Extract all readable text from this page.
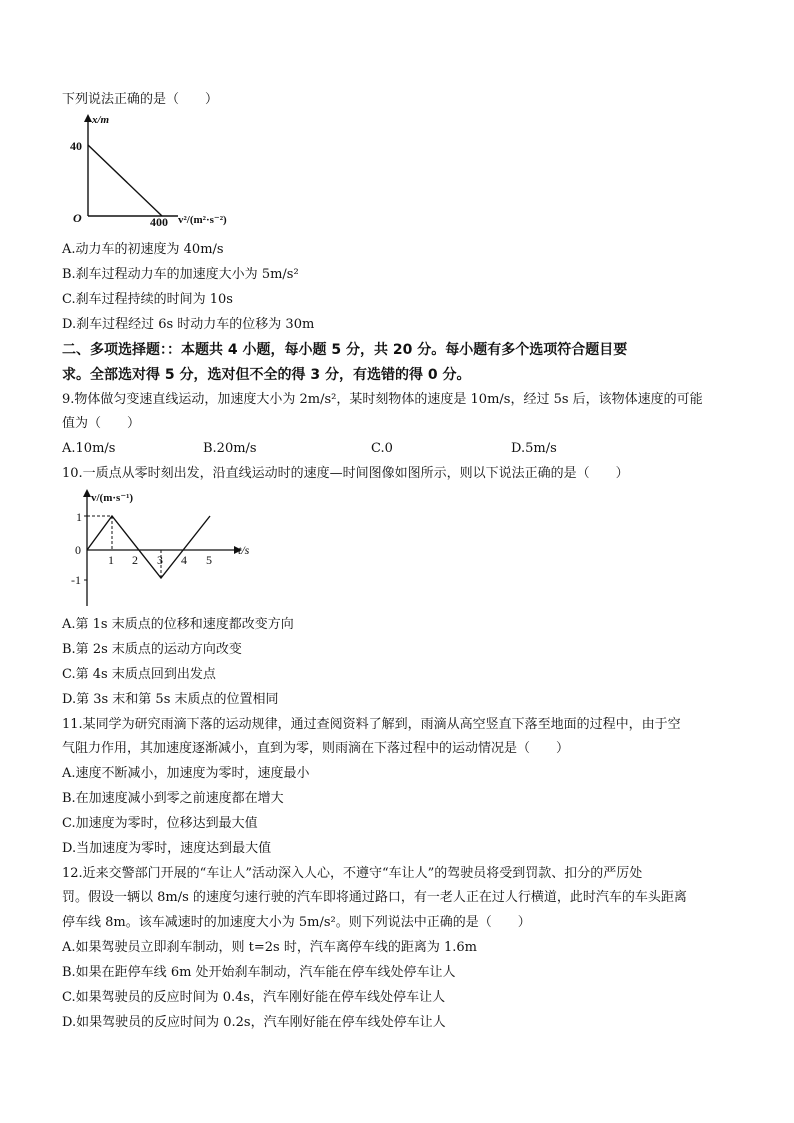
下列说法正确的是（　　）
x/m
40
O	400 v²/(m²·s⁻²)
A.动力车的初速度为 40m/s
B.刹车过程动力车的加速度大小为 5m/s²
C.刹车过程持续的时间为 10s
D.刹车过程经过 6s 时动力车的位移为 30m
二、多项选择题：：本题共 4 小题，每小题 5 分，共 20 分。每小题有多个选项符合题目要
求。全部选对得 5 分，选对但不全的得 3 分，有选错的得 0 分。
9.物体做匀变速直线运动，加速度大小为 2m/s²，某时刻物体的速度是 10m/s，经过 5s 后，该物体速度的可能
值为（　　）
A.10m/s	B.20m/s	C.0	D.5m/s
10.一质点从零时刻出发，沿直线运动时的速度—时间图像如图所示，则以下说法正确的是（　　）
v/(m·s⁻¹)
1
0
-1
1 2 3 4 5
t/s
A.第 1s 末质点的位移和速度都改变方向
B.第 2s 末质点的运动方向改变
C.第 4s 末质点回到出发点
D.第 3s 末和第 5s 末质点的位置相同
11.某同学为研究雨滴下落的运动规律，通过查阅资料了解到，雨滴从高空竖直下落至地面的过程中，由于空
气阻力作用，其加速度逐渐减小，直到为零，则雨滴在下落过程中的运动情况是（　　）
A.速度不断减小，加速度为零时，速度最小
B.在加速度减小到零之前速度都在增大
C.加速度为零时，位移达到最大值
D.当加速度为零时，速度达到最大值
12.近来交警部门开展的“车让人”活动深入人心，不遵守“车让人”的驾驶员将受到罚款、扣分的严厉处
罚。假设一辆以 8m/s 的速度匀速行驶的汽车即将通过路口，有一老人正在过人行横道，此时汽车的车头距离
停车线 8m。该车减速时的加速度大小为 5m/s²。则下列说法中正确的是（　　）
A.如果驾驶员立即刹车制动，则 t=2s 时，汽车离停车线的距离为 1.6m
B.如果在距停车线 6m 处开始刹车制动，汽车能在停车线处停车让人
C.如果驾驶员的反应时间为 0.4s，汽车刚好能在停车线处停车让人
D.如果驾驶员的反应时间为 0.2s，汽车刚好能在停车线处停车让人
